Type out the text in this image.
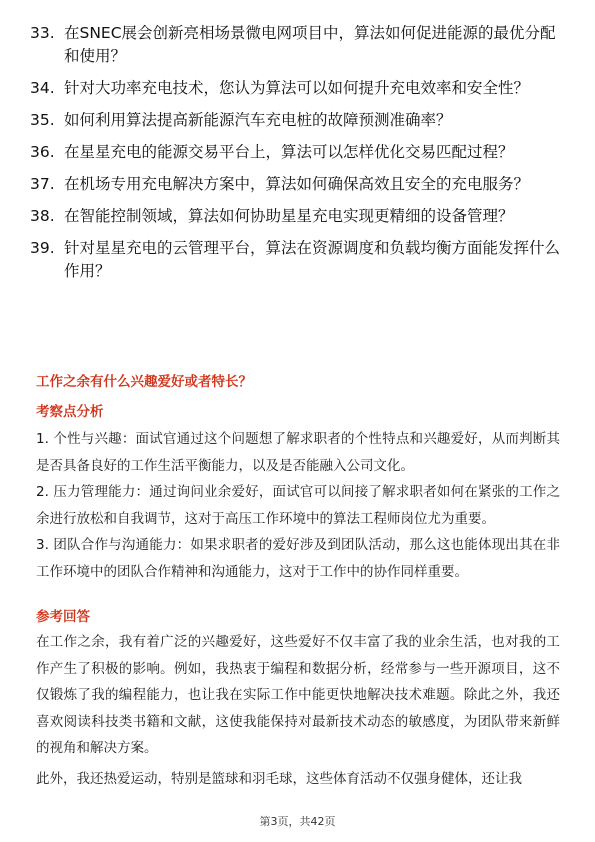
33. 在SNEC展会创新亮相场景微电网项目中，算法如何促进能源的最优分配和使用？
34. 针对大功率充电技术，您认为算法可以如何提升充电效率和安全性？
35. 如何利用算法提高新能源汽车充电桩的故障预测准确率？
36. 在星星充电的能源交易平台上，算法可以怎样优化交易匹配过程？
37. 在机场专用充电解决方案中，算法如何确保高效且安全的充电服务？
38. 在智能控制领域，算法如何协助星星充电实现更精细的设备管理？
39. 针对星星充电的云管理平台，算法在资源调度和负载均衡方面能发挥什么作用？
工作之余有什么兴趣爱好或者特长？
考察点分析

1. 个性与兴趣：面试官通过这个问题想了解求职者的个性特点和兴趣爱好，从而判断其是否具备良好的工作生活平衡能力，以及是否能融入公司文化。

2. 压力管理能力：通过询问业余爱好，面试官可以间接了解求职者如何在紧张的工作之余进行放松和自我调节，这对于高压工作环境中的算法工程师岗位尤为重要。

3. 团队合作与沟通能力：如果求职者的爱好涉及到团队活动，那么这也能体现出其在非工作环境中的团队合作精神和沟通能力，这对于工作中的协作同样重要。

参考回答

在工作之余，我有着广泛的兴趣爱好，这些爱好不仅丰富了我的业余生活，也对我的工作产生了积极的影响。例如，我热衷于编程和数据分析，经常参与一些开源项目，这不仅锻炼了我的编程能力，也让我在实际工作中能更快地解决技术难题。除此之外，我还喜欢阅读科技类书籍和文献，这使我能保持对最新技术动态的敏感度，为团队带来新鲜的视角和解决方案。

此外，我还热爱运动，特别是篮球和羽毛球，这些体育活动不仅强身健体，还让我

第3页，共42页
